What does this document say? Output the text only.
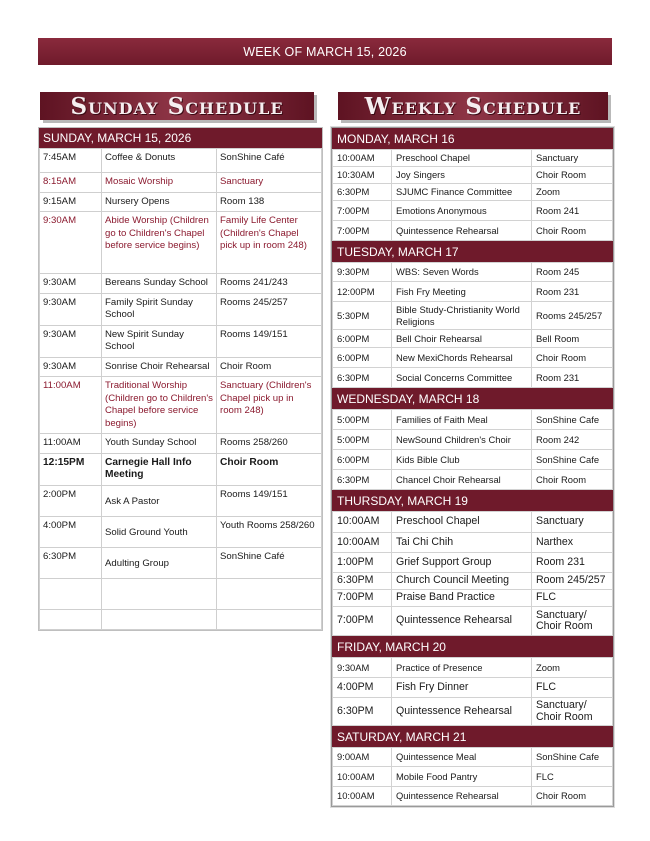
WEEK OF MARCH 15, 2026
Sunday Schedule	Weekly Schedule
SUNDAY, MARCH 15, 2026
7:45AM	Coffee & Donuts	SonShine Café
8:15AM	Mosaic Worship	Sanctuary
9:15AM	Nursery Opens	Room 138
9:30AM	Abide Worship (Children go to Children's Chapel before service begins)	Family Life Center (Children's Chapel pick up in room 248)
9:30AM	Bereans Sunday School	Rooms 241/243
9:30AM	Family Spirit Sunday School	Rooms 245/257
9:30AM	New Spirit Sunday School	Rooms 149/151
9:30AM	Sonrise Choir Rehearsal	Choir Room
11:00AM	Traditional Worship (Children go to Children's Chapel before service begins)	Sanctuary (Children's Chapel pick up in room 248)
11:00AM	Youth Sunday School	Rooms 258/260
12:15PM	Carnegie Hall Info Meeting	Choir Room
2:00PM	Ask A Pastor	Rooms 149/151
4:00PM	Solid Ground Youth	Youth Rooms 258/260
6:30PM	Adulting Group	SonShine Café

MONDAY, MARCH 16
10:00AM	Preschool Chapel	Sanctuary
10:30AM	Joy Singers	Choir Room
6:30PM	SJUMC Finance Committee	Zoom
7:00PM	Emotions Anonymous	Room 241
7:00PM	Quintessence Rehearsal	Choir Room
TUESDAY, MARCH 17
9:30PM	WBS: Seven Words	Room 245
12:00PM	Fish Fry Meeting	Room 231
5:30PM	Bible Study-Christianity World Religions	Rooms 245/257
6:00PM	Bell Choir Rehearsal	Bell Room
6:00PM	New MexiChords Rehearsal	Choir Room
6:30PM	Social Concerns Committee	Room 231
WEDNESDAY, MARCH 18
5:00PM	Families of Faith Meal	SonShine Cafe
5:00PM	NewSound Children's Choir	Room 242
6:00PM	Kids Bible Club	SonShine Cafe
6:30PM	Chancel Choir Rehearsal	Choir Room
THURSDAY, MARCH 19
10:00AM	Preschool Chapel	Sanctuary
10:00AM	Tai Chi Chih	Narthex
1:00PM	Grief Support Group	Room 231
6:30PM	Church Council Meeting	Room 245/257
7:00PM	Praise Band Practice	FLC
7:00PM	Quintessence Rehearsal	Sanctuary/ Choir Room
FRIDAY, MARCH 20
9:30AM	Practice of Presence	Zoom
4:00PM	Fish Fry Dinner	FLC
6:30PM	Quintessence Rehearsal	Sanctuary/ Choir Room
SATURDAY, MARCH 21
9:00AM	Quintessence Meal	SonShine Cafe
10:00AM	Mobile Food Pantry	FLC
10:00AM	Quintessence Rehearsal	Choir Room
